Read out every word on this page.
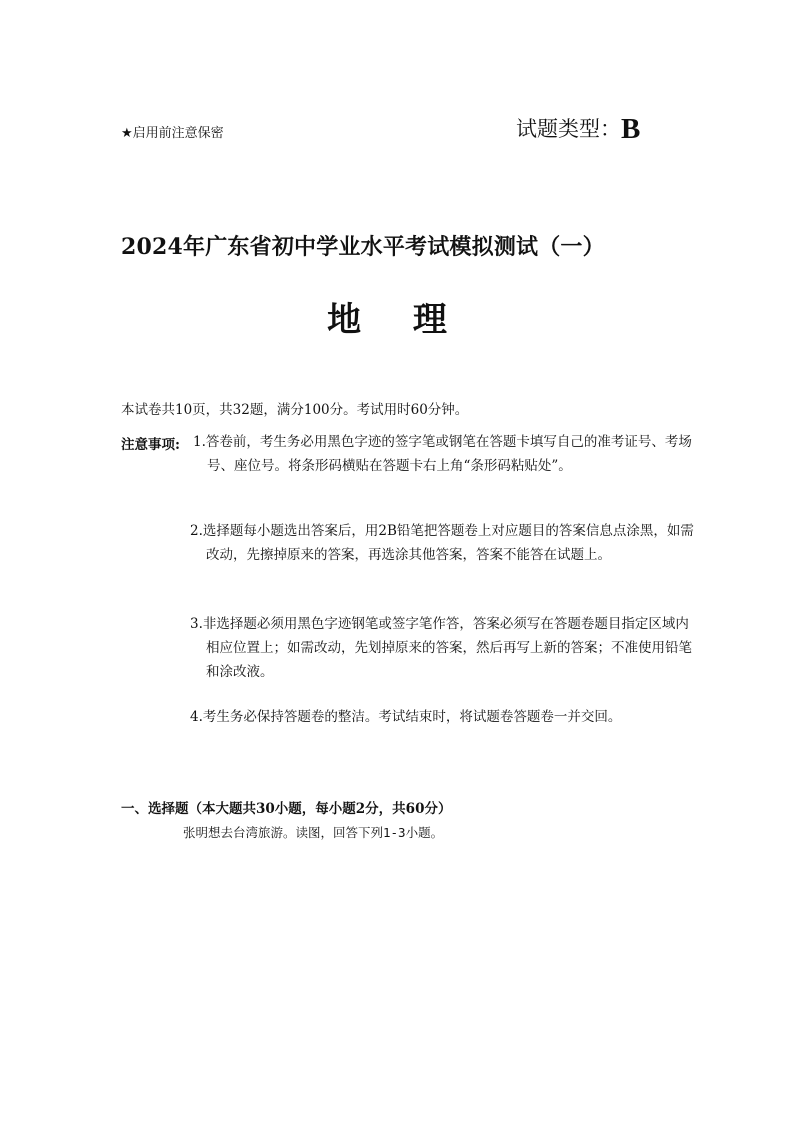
★启用前注意保密	试题类型：B
2024年广东省初中学业水平考试模拟测试（一）
地 理
本试卷共10页，共32题，满分100分。考试用时60分钟。
注意事项: 1.答卷前，考生务必用黑色字迹的签字笔或钢笔在答题卡填写自己的准考证号、考场号、座位号。将条形码横贴在答题卡右上角“条形码粘贴处”。
2.选择题每小题选出答案后，用2B铅笔把答题卷上对应题目的答案信息点涂黑，如需改动，先擦掉原来的答案，再选涂其他答案，答案不能答在试题上。
3.非选择题必须用黑色字迹钢笔或签字笔作答，答案必须写在答题卷题目指定区域内相应位置上；如需改动，先划掉原来的答案，然后再写上新的答案；不准使用铅笔和涂改液。
4.考生务必保持答题卷的整洁。考试结束时，将试题卷答题卷一并交回。
一、选择题（本大题共30小题，每小题2分，共60分）
张明想去台湾旅游。读图，回答下列1-3小题。
